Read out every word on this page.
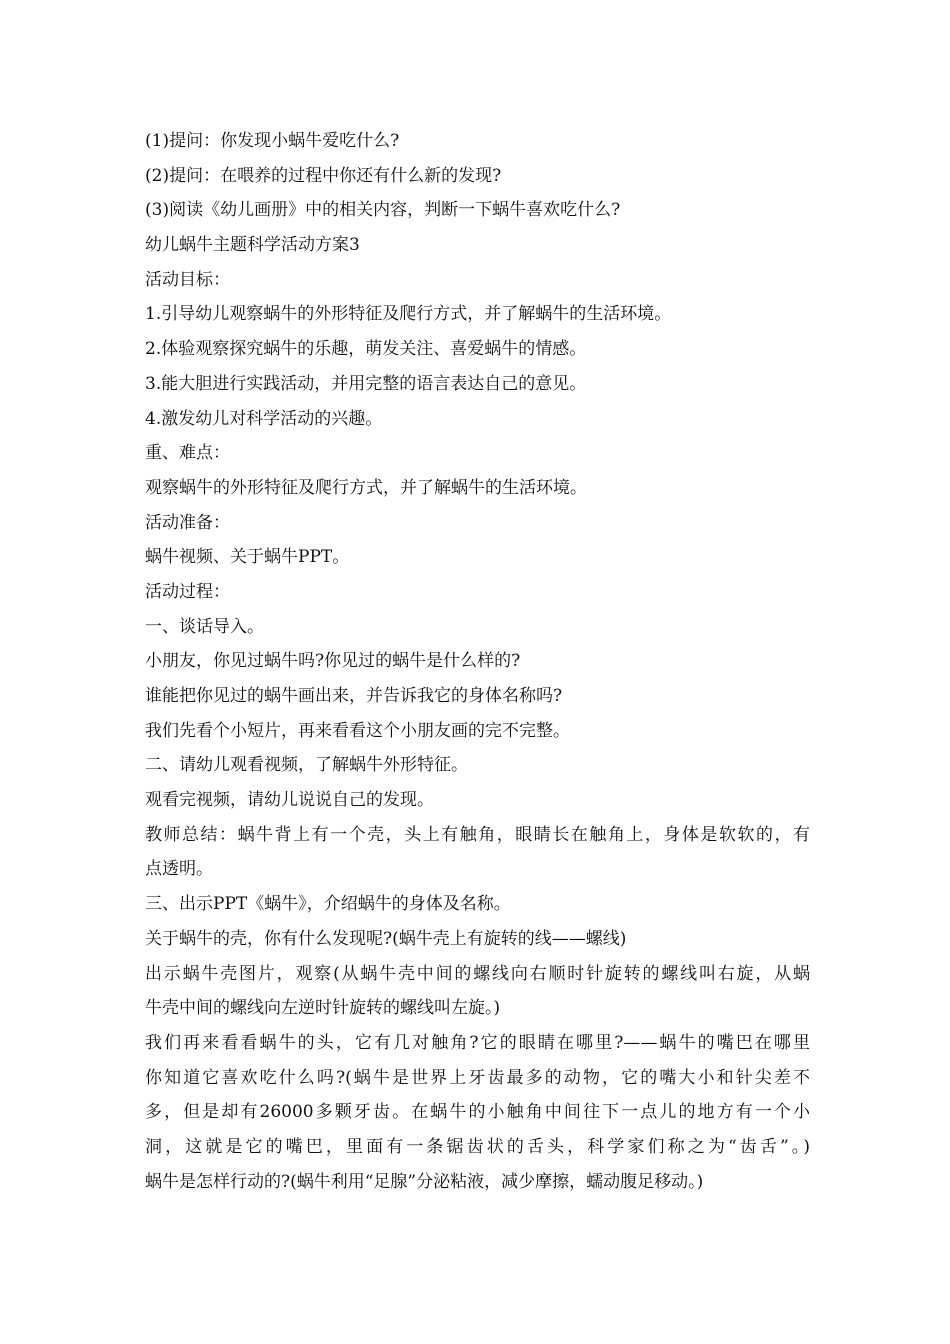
(1)提问：你发现小蜗牛爱吃什么?
(2)提问：在喂养的过程中你还有什么新的发现?
(3)阅读《幼儿画册》中的相关内容，判断一下蜗牛喜欢吃什么?
幼儿蜗牛主题科学活动方案3
活动目标：
1.引导幼儿观察蜗牛的外形特征及爬行方式，并了解蜗牛的生活环境。
2.体验观察探究蜗牛的乐趣，萌发关注、喜爱蜗牛的情感。
3.能大胆进行实践活动，并用完整的语言表达自己的意见。
4.激发幼儿对科学活动的兴趣。
重、难点：
观察蜗牛的外形特征及爬行方式，并了解蜗牛的生活环境。
活动准备：
蜗牛视频、关于蜗牛PPT。
活动过程：
一、谈话导入。
小朋友，你见过蜗牛吗?你见过的蜗牛是什么样的?
谁能把你见过的蜗牛画出来，并告诉我它的身体名称吗?
我们先看个小短片，再来看看这个小朋友画的完不完整。
二、请幼儿观看视频，了解蜗牛外形特征。
观看完视频，请幼儿说说自己的发现。
教师总结：蜗牛背上有一个壳，头上有触角，眼睛长在触角上，身体是软软的，有
点透明。
三、出示PPT《蜗牛》，介绍蜗牛的身体及名称。
关于蜗牛的壳，你有什么发现呢?(蜗牛壳上有旋转的线——螺线)
出示蜗牛壳图片，观察(从蜗牛壳中间的螺线向右顺时针旋转的螺线叫右旋，从蜗
牛壳中间的螺线向左逆时针旋转的螺线叫左旋。)
我们再来看看蜗牛的头，它有几对触角?它的眼睛在哪里?——蜗牛的嘴巴在哪里
你知道它喜欢吃什么吗?(蜗牛是世界上牙齿最多的动物，它的嘴大小和针尖差不
多，但是却有26000多颗牙齿。在蜗牛的小触角中间往下一点儿的地方有一个小
洞，这就是它的嘴巴，里面有一条锯齿状的舌头，科学家们称之为“齿舌”。)
蜗牛是怎样行动的?(蜗牛利用“足腺”分泌粘液，减少摩擦，蠕动腹足移动。)
